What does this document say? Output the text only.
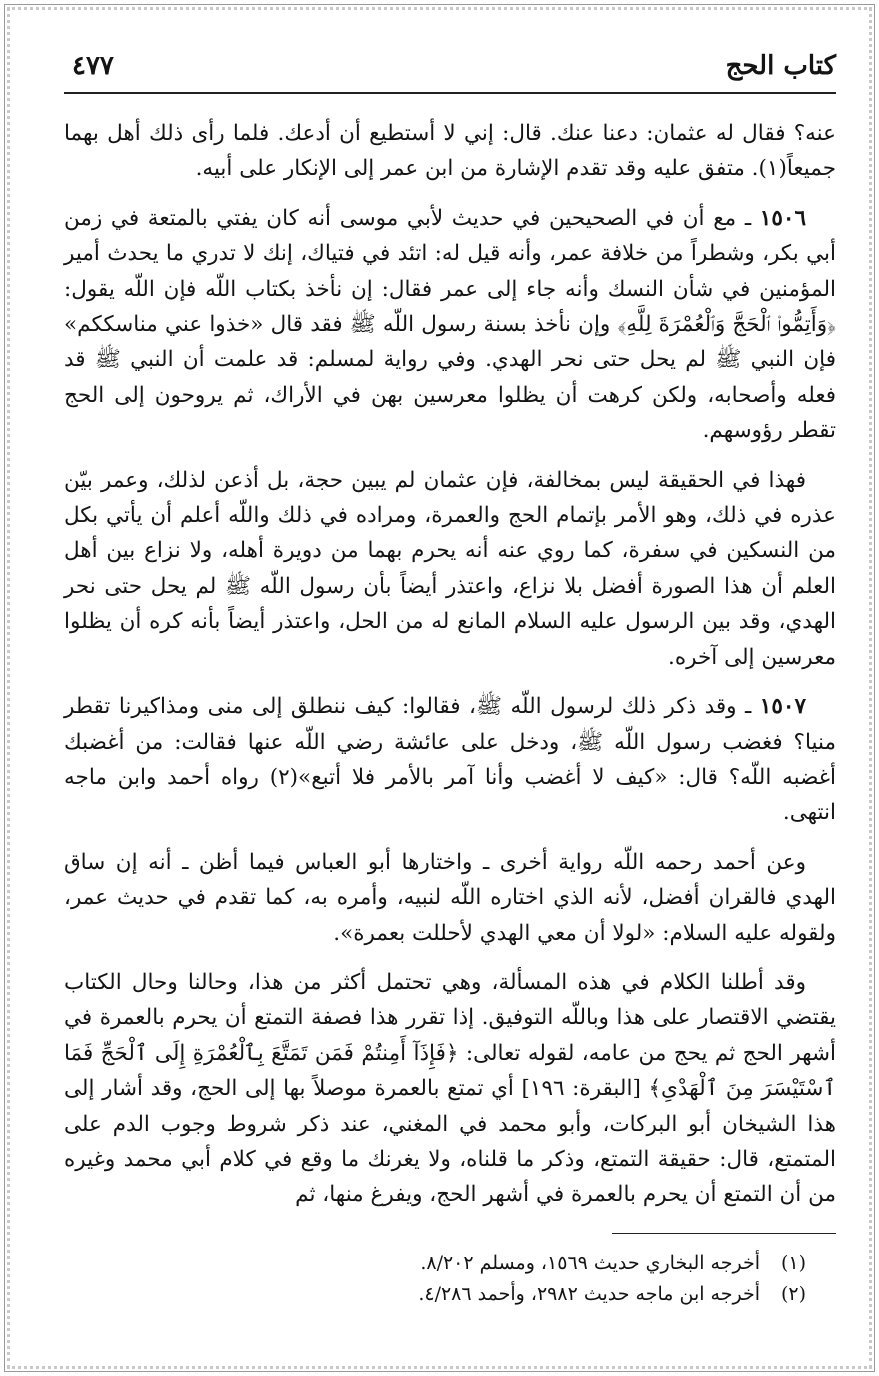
كتاب الحج
٤٧٧

عنه؟ فقال له عثمان: دعنا عنك. قال: إني لا أستطيع أن أدعك. فلما رأى ذلك أهل بهما جميعاً(١). متفق عليه وقد تقدم الإشارة من ابن عمر إلى الإنكار على أبيه.

١٥٠٦ ـ مع أن في الصحيحين في حديث لأبي موسى أنه كان يفتي بالمتعة في زمن أبي بكر، وشطراً من خلافة عمر، وأنه قيل له: اتئد في فتياك، إنك لا تدري ما يحدث أمير المؤمنين في شأن النسك وأنه جاء إلى عمر فقال: إن نأخذ بكتاب اللّه فإن اللّه يقول: ﴿وَأَتِمُّوا۟ ٱلْحَجَّ وَٱلْعُمْرَةَ لِلَّهِ﴾ وإن نأخذ بسنة رسول اللّه ﷺ فقد قال «خذوا عني مناسككم» فإن النبي ﷺ لم يحل حتى نحر الهدي. وفي رواية لمسلم: قد علمت أن النبي ﷺ قد فعله وأصحابه، ولكن كرهت أن يظلوا معرسين بهن في الأراك، ثم يروحون إلى الحج تقطر رؤوسهم.

فهذا في الحقيقة ليس بمخالفة، فإن عثمان لم يبين حجة، بل أذعن لذلك، وعمر بيّن عذره في ذلك، وهو الأمر بإتمام الحج والعمرة، ومراده في ذلك واللّه أعلم أن يأتي بكل من النسكين في سفرة، كما روي عنه أنه يحرم بهما من دويرة أهله، ولا نزاع بين أهل العلم أن هذا الصورة أفضل بلا نزاع، واعتذر أيضاً بأن رسول اللّه ﷺ لم يحل حتى نحر الهدي، وقد بين الرسول عليه السلام المانع له من الحل، واعتذر أيضاً بأنه كره أن يظلوا معرسين إلى آخره.

١٥٠٧ ـ وقد ذكر ذلك لرسول اللّه ﷺ، فقالوا: كيف ننطلق إلى منى ومذاكيرنا تقطر منيا؟ فغضب رسول اللّه ﷺ، ودخل على عائشة رضي اللّه عنها فقالت: من أغضبك أغضبه اللّه؟ قال: «كيف لا أغضب وأنا آمر بالأمر فلا أتبع»(٢) رواه أحمد وابن ماجه انتهى.

وعن أحمد رحمه اللّه رواية أخرى ـ واختارها أبو العباس فيما أظن ـ أنه إن ساق الهدي فالقران أفضل، لأنه الذي اختاره اللّه لنبيه، وأمره به، كما تقدم في حديث عمر، ولقوله عليه السلام: «لولا أن معي الهدي لأحللت بعمرة».

وقد أطلنا الكلام في هذه المسألة، وهي تحتمل أكثر من هذا، وحالنا وحال الكتاب يقتضي الاقتصار على هذا وباللّه التوفيق. إذا تقرر هذا فصفة التمتع أن يحرم بالعمرة في أشهر الحج ثم يحج من عامه، لقوله تعالى: ﴿فَإِذَآ أَمِنتُمْ فَمَن تَمَتَّعَ بِٱلْعُمْرَةِ إِلَى ٱلْحَجِّ فَمَا ٱسْتَيْسَرَ مِنَ ٱلْهَدْىِ﴾ [البقرة: ١٩٦] أي تمتع بالعمرة موصلاً بها إلى الحج، وقد أشار إلى هذا الشيخان أبو البركات، وأبو محمد في المغني، عند ذكر شروط وجوب الدم على المتمتع، قال: حقيقة التمتع، وذكر ما قلناه، ولا يغرنك ما وقع في كلام أبي محمد وغيره من أن التمتع أن يحرم بالعمرة في أشهر الحج، ويفرغ منها، ثم

(١)أخرجه البخاري حديث ١٥٦٩، ومسلم ٨/٢٠٢.

(٢)أخرجه ابن ماجه حديث ٢٩٨٢، وأحمد ٤/٢٨٦.
